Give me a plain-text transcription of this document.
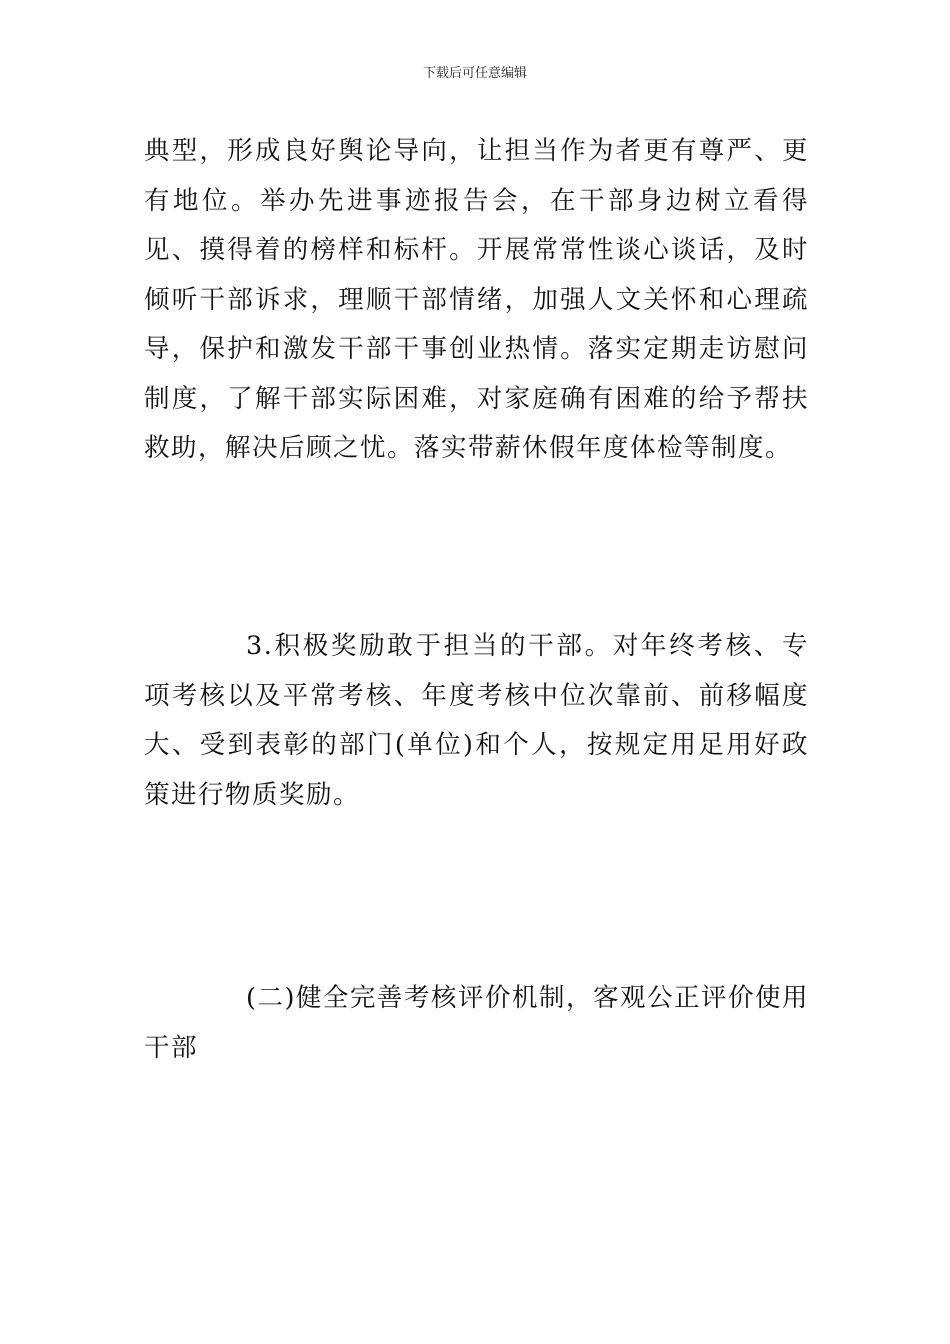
下载后可任意编辑

典型，形成良好舆论导向，让担当作为者更有尊严、更有地位。举办先进事迹报告会，在干部身边树立看得见、摸得着的榜样和标杆。开展常常性谈心谈话，及时倾听干部诉求，理顺干部情绪，加强人文关怀和心理疏导，保护和激发干部干事创业热情。落实定期走访慰问制度，了解干部实际困难，对家庭确有困难的给予帮扶救助，解决后顾之忧。落实带薪休假年度体检等制度。

3.积极奖励敢于担当的干部。对年终考核、专项考核以及平常考核、年度考核中位次靠前、前移幅度大、受到表彰的部门(单位)和个人，按规定用足用好政策进行物质奖励。

(二)健全完善考核评价机制，客观公正评价使用干部
